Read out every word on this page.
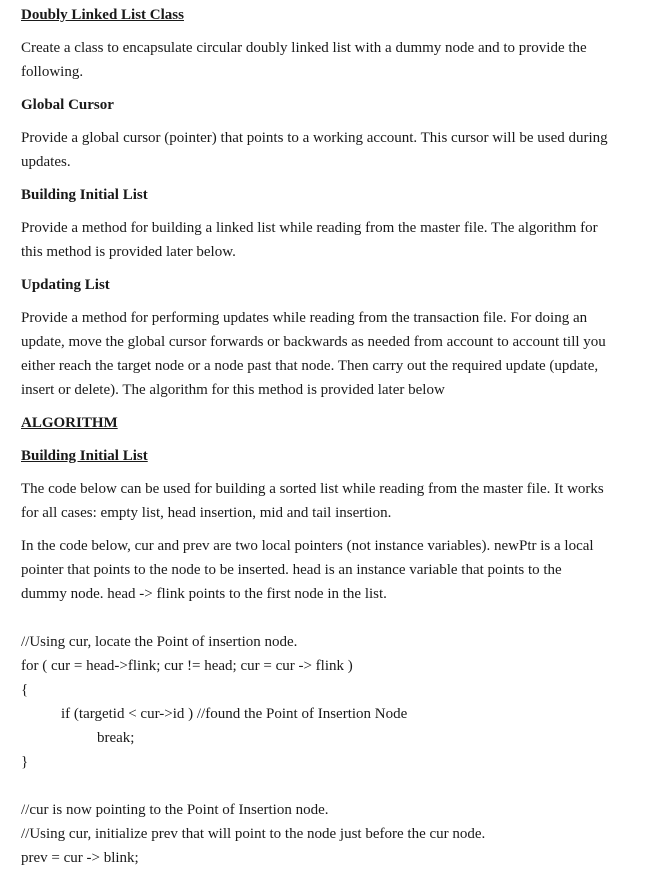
Doubly Linked List Class
Create a class to encapsulate circular doubly linked list with a dummy node and to provide the
following.
Global Cursor
Provide a global cursor (pointer) that points to a working account. This cursor will be used during
updates.
Building Initial List
Provide a method for building a linked list while reading from the master file. The algorithm for
this method is provided later below.
Updating List
Provide a method for performing updates while reading from the transaction file. For doing an
update, move the global cursor forwards or backwards as needed from account to account till you
either reach the target node or a node past that node. Then carry out the required update (update,
insert or delete). The algorithm for this method is provided later below
ALGORITHM
Building Initial List
The code below can be used for building a sorted list while reading from the master file. It works
for all cases: empty list, head insertion, mid and tail insertion.
In the code below, cur and prev are two local pointers (not instance variables). newPtr is a local
pointer that points to the node to be inserted. head is an instance variable that points to the
dummy node. head -> flink points to the first node in the list.
//Using cur, locate the Point of insertion node.
for ( cur = head->flink; cur != head; cur = cur -> flink )
{
if (targetid < cur->id ) //found the Point of Insertion Node
break;
}
//cur is now pointing to the Point of Insertion node.
//Using cur, initialize prev that will point to the node just before the cur node.
prev = cur -> blink;
